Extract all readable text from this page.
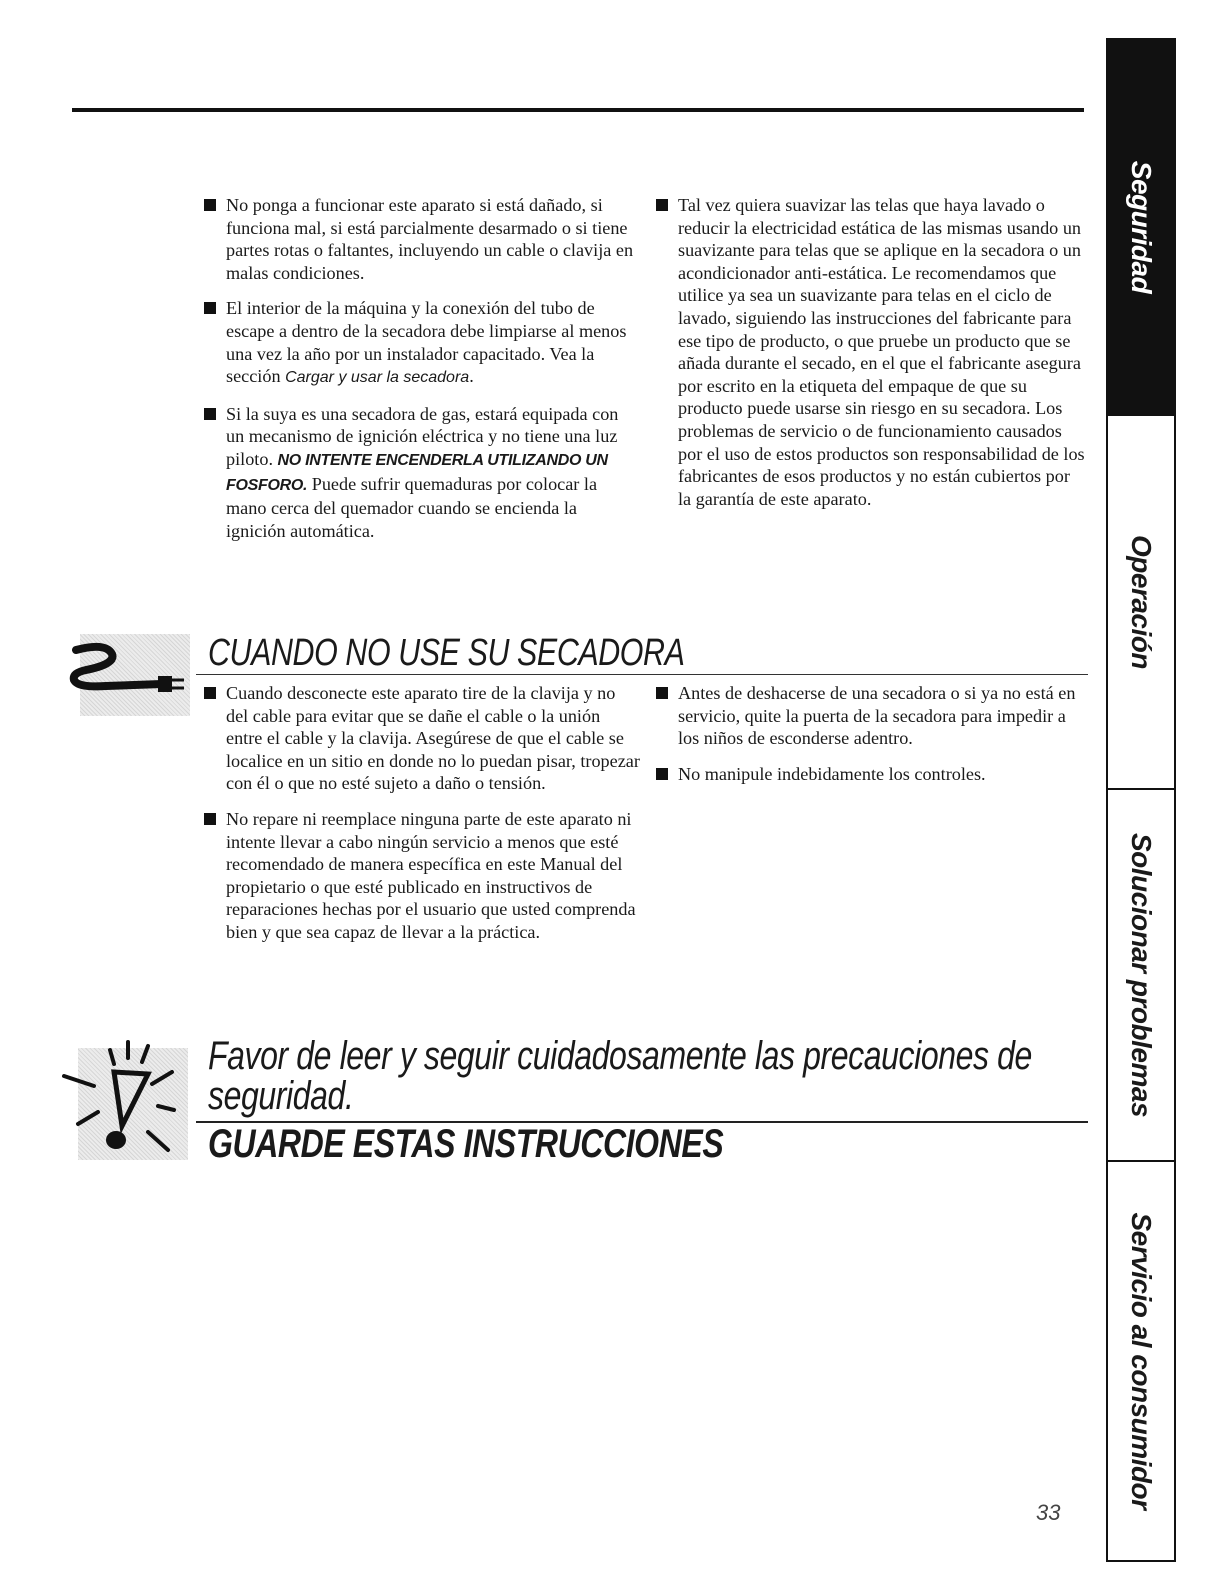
No ponga a funcionar este aparato si está dañado, si funciona mal, si está parcialmente desarmado o si tiene partes rotas o faltantes, incluyendo un cable o clavija en malas condiciones.

El interior de la máquina y la conexión del tubo de escape a dentro de la secadora debe limpiarse al menos una vez la año por un instalador capacitado. Vea la sección Cargar y usar la secadora.

Si la suya es una secadora de gas, estará equipada con un mecanismo de ignición eléctrica y no tiene una luz piloto. NO INTENTE ENCENDERLA UTILIZANDO UN FOSFORO. Puede sufrir quemaduras por colocar la mano cerca del quemador cuando se encienda la ignición automática.

Tal vez quiera suavizar las telas que haya lavado o reducir la electricidad estática de las mismas usando un suavizante para telas que se aplique en la secadora o un acondicionador anti-estática. Le recomendamos que utilice ya sea un suavizante para telas en el ciclo de lavado, siguiendo las instrucciones del fabricante para ese tipo de producto, o que pruebe un producto que se añada durante el secado, en el que el fabricante asegura por escrito en la etiqueta del empaque de que su producto puede usarse sin riesgo en su secadora. Los problemas de servicio o de funcionamiento causados por el uso de estos productos son responsabilidad de los fabricantes de esos productos y no están cubiertos por la garantía de este aparato.

CUANDO NO USE SU SECADORA

Cuando desconecte este aparato tire de la clavija y no del cable para evitar que se dañe el cable o la unión entre el cable y la clavija. Asegúrese de que el cable se localice en un sitio en donde no lo puedan pisar, tropezar con él o que no esté sujeto a daño o tensión.

No repare ni reemplace ninguna parte de este aparato ni intente llevar a cabo ningún servicio a menos que esté recomendado de manera específica en este Manual del propietario o que esté publicado en instructivos de reparaciones hechas por el usuario que usted comprenda bien y que sea capaz de llevar a la práctica.

Antes de deshacerse de una secadora o si ya no está en servicio, quite la puerta de la secadora para impedir a los niños de esconderse adentro.

No manipule indebidamente los controles.

Favor de leer y seguir cuidadosamente las precauciones de seguridad.
GUARDE ESTAS INSTRUCCIONES
Seguridad
Operación
Solucionar problemas
Servicio al consumidor
33
